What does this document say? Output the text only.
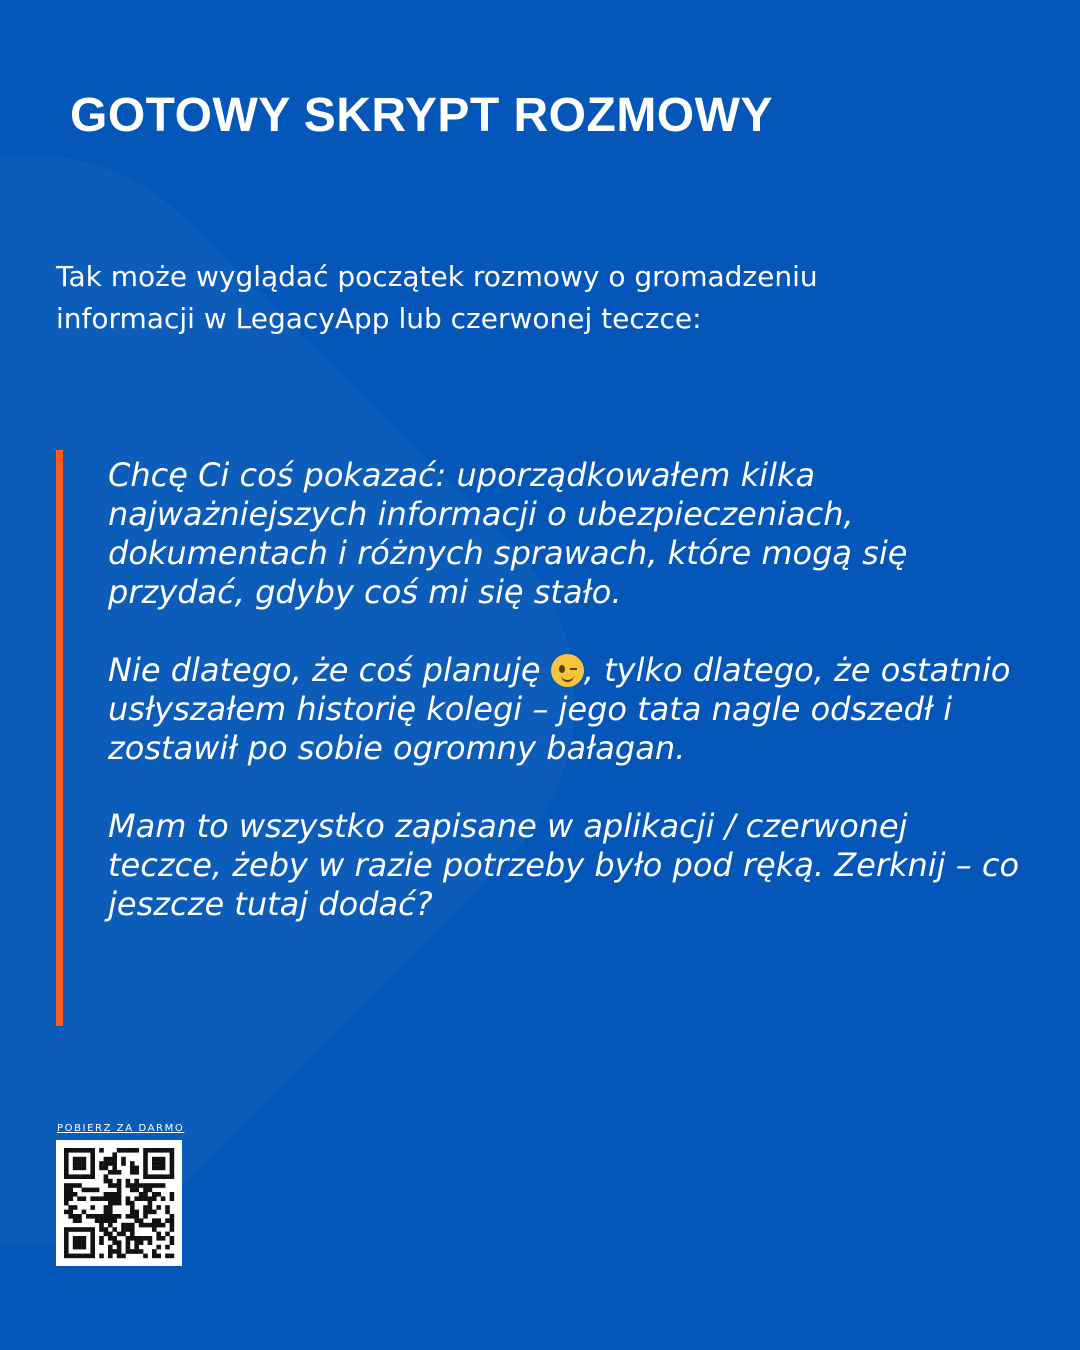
GOTOWY SKRYPT ROZMOWY
Tak może wyglądać początek rozmowy o gromadzeniu
informacji w LegacyApp lub czerwonej teczce:

Chcę Ci coś pokazać: uporządkowałem kilka najważniejszych informacji o ubezpieczeniach, dokumentach i różnych sprawach, które mogą się przydać, gdyby coś mi się stało.

Nie dlatego, że coś planuję
, tylko dlatego, że ostatnio usłyszałem historię kolegi – jego tata nagle odszedł i zostawił po sobie ogromny bałagan.

Mam to wszystko zapisane w aplikacji / czerwonej teczce, żeby w razie potrzeby było pod ręką. Zerknij – co jeszcze tutaj dodać?

POBIERZ ZA DARMO
